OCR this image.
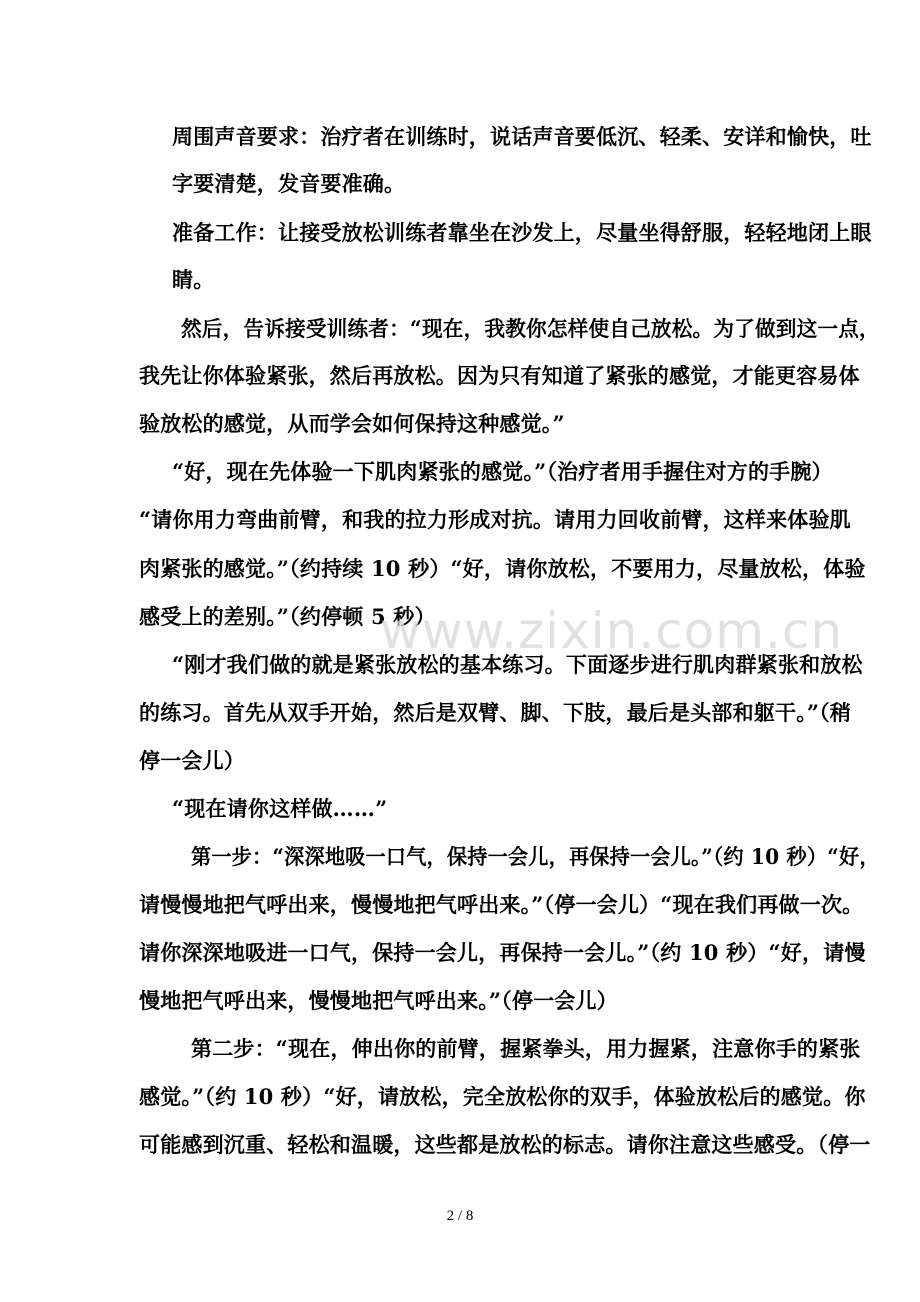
周围声音要求：治疗者在训练时，说话声音要低沉、轻柔、安详和愉快，吐
字要清楚，发音要准确。
准备工作：让接受放松训练者靠坐在沙发上，尽量坐得舒服，轻轻地闭上眼
睛。
然后，告诉接受训练者：“现在，我教你怎样使自己放松。为了做到这一点，
我先让你体验紧张，然后再放松。因为只有知道了紧张的感觉，才能更容易体
验放松的感觉，从而学会如何保持这种感觉。”
“好，现在先体验一下肌肉紧张的感觉。”（治疗者用手握住对方的手腕）
“请你用力弯曲前臂，和我的拉力形成对抗。请用力回收前臂，这样来体验肌
肉紧张的感觉。”（约持续 10 秒）“好，请你放松，不要用力，尽量放松，体验
感受上的差别。”（约停顿 5 秒）
“刚才我们做的就是紧张放松的基本练习。下面逐步进行肌肉群紧张和放松
的练习。首先从双手开始，然后是双臂、脚、下肢，最后是头部和躯干。”（稍
停一会儿）
“现在请你这样做……”
第一步：“深深地吸一口气，保持一会儿，再保持一会儿。”（约 10 秒）“好，
请慢慢地把气呼出来，慢慢地把气呼出来。”（停一会儿）“现在我们再做一次。
请你深深地吸进一口气，保持一会儿，再保持一会儿。”（约 10 秒）“好，请慢
慢地把气呼出来，慢慢地把气呼出来。”（停一会儿）
第二步：“现在，伸出你的前臂，握紧拳头，用力握紧，注意你手的紧张
感觉。”（约 10 秒）“好，请放松，完全放松你的双手，体验放松后的感觉。你
可能感到沉重、轻松和温暖，这些都是放松的标志。请你注意这些感受。（停一
www.zixin.com.cn
2 / 8
